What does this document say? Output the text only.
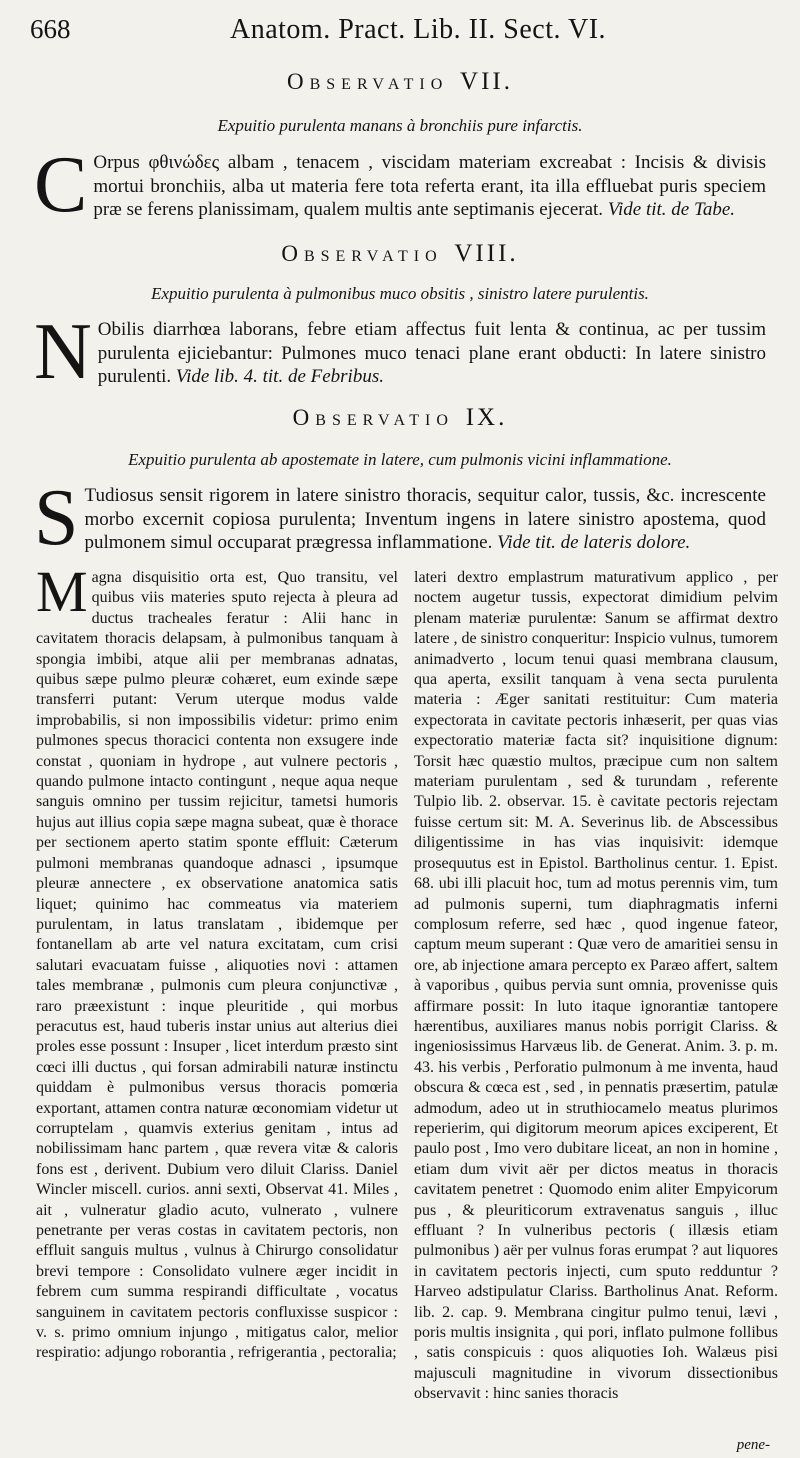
668	Anatom. Pract. Lib. II. Sect. VI.
Observatio VII.
Expuitio purulenta manans à bronchiis pure infarctis.
C Orpus φθινώδες albam , tenacem , viscidam materiam excreabat : Incisis & divisis mortui bronchiis, alba ut materia fere tota referta erant, ita illa effluebat puris speciem præ se ferens planissimam, qualem multis ante septimanis ejecerat. Vide tit. de Tabe.
Observatio VIII.
Expuitio purulenta à pulmonibus muco obsitis , sinistro latere purulentis.
N Obilis diarrhœa laborans, febre etiam affectus fuit lenta & continua, ac per tussim purulenta ejiciebantur: Pulmones muco tenaci plane erant obducti: In latere sinistro purulenti. Vide lib. 4. tit. de Febribus.
Observatio IX.
Expuitio purulenta ab apostemate in latere, cum pulmonis vicini inflammatione.
S Tudiosus sensit rigorem in latere sinistro thoracis, sequitur calor, tussis, &c. increscente morbo excernit copiosa purulenta; Inventum ingens in latere sinistro apostema, quod pulmonem simul occuparat prægressa inflammatione. Vide tit. de lateris dolore.
M agna disquisitio orta est, Quo transitu, vel quibus viis materies sputo rejecta à pleura ad ductus tracheales feratur : Alii hanc in cavitatem thoracis delapsam, à pulmonibus tanquam à spongia imbibi, atque alii per membranas adnatas, quibus sæpe pulmo pleuræ cohæret, eum exinde sæpe transferri putant: Verum uterque modus valde improbabilis, si non impossibilis videtur: primo enim pulmones specus thoracici contenta non exsugere inde constat , quoniam in hydrope , aut vulnere pectoris , quando pulmone intacto contingunt , neque aqua neque sanguis omnino per tussim rejicitur, tametsi humoris hujus aut illius copia sæpe magna subeat, quæ è thorace per sectionem aperto statim sponte effluit: Cæterum pulmoni membranas quandoque adnasci , ipsumque pleuræ annectere , ex observatione anatomica satis liquet; quinimo hac commeatus via materiem purulentam, in latus translatam , ibidemque per fontanellam ab arte vel natura excitatam, cum crisi salutari evacuatam fuisse , aliquoties novi : attamen tales membranæ , pulmonis cum pleura conjunctivæ , raro præexistunt : inque pleuritide , qui morbus peracutus est, haud tuberis instar unius aut alterius diei proles esse possunt : Insuper , licet interdum præsto sint cœci illi ductus , qui forsan admirabili naturæ instinctu quiddam è pulmonibus versus thoracis pomœria exportant, attamen contra naturæ œconomiam videtur ut corruptelam , quamvis exterius genitam , intus ad nobilissimam hanc partem , quæ revera vitæ & caloris fons est , derivent. Dubium vero diluit Clariss. Daniel Wincler miscell. curios. anni sexti, Observat 41. Miles , ait , vulneratur gladio acuto, vulnerato , vulnere penetrante per veras costas in cavitatem pectoris, non effluit sanguis multus , vulnus à Chirurgo consolidatur brevi tempore : Consolidato vulnere æger incidit in febrem cum summa respirandi difficultate , vocatus sanguinem in cavitatem pectoris confluxisse suspicor : v. s. primo omnium injungo , mitigatus calor, melior respiratio: adjungo roborantia , refrigerantia , pectoralia;
lateri dextro emplastrum maturativum applico , per noctem augetur tussis, expectorat dimidium pelvim plenam materiæ purulentæ: Sanum se affirmat dextro latere , de sinistro conqueritur: Inspicio vulnus, tumorem animadverto , locum tenui quasi membrana clausum, qua aperta, exsilit tanquam à vena secta purulenta materia : Æger sanitati restituitur: Cum materia expectorata in cavitate pectoris inhæserit, per quas vias expectoratio materiæ facta sit? inquisitione dignum: Torsit hæc quæstio multos, præcipue cum non saltem materiam purulentam , sed & turundam , referente Tulpio lib. 2. observar. 15. è cavitate pectoris rejectam fuisse certum sit: M. A. Severinus lib. de Abscessibus diligentissime in has vias inquisivit: idemque prosequutus est in Epistol. Bartholinus centur. 1. Epist. 68. ubi illi placuit hoc, tum ad motus perennis vim, tum ad pulmonis superni, tum diaphragmatis inferni complosum referre, sed hæc , quod ingenue fateor, captum meum superant : Quæ vero de amaritiei sensu in ore, ab injectione amara percepto ex Paræo affert, saltem à vaporibus , quibus pervia sunt omnia, provenisse quis affirmare possit: In luto itaque ignorantiæ tantopere hærentibus, auxiliares manus nobis porrigit Clariss. & ingeniosissimus Harvæus lib. de Generat. Anim. 3. p. m. 43. his verbis , Perforatio pulmonum à me inventa, haud obscura & cœca est , sed , in pennatis præsertim, patulæ admodum, adeo ut in struthiocamelo meatus plurimos reperierim, qui digitorum meorum apices exciperent, Et paulo post , Imo vero dubitare liceat, an non in homine , etiam dum vivit aër per dictos meatus in thoracis cavitatem penetret : Quomodo enim aliter Empyicorum pus , & pleuriticorum extravenatus sanguis , illuc effluant ? In vulneribus pectoris ( illæsis etiam pulmonibus ) aër per vulnus foras erumpat ? aut liquores in cavitatem pectoris injecti, cum sputo redduntur ? Harveo adstipulatur Clariss. Bartholinus Anat. Reform. lib. 2. cap. 9. Membrana cingitur pulmo tenui, lævi , poris multis insignita , qui pori, inflato pulmone follibus , satis conspicuis : quos aliquoties Ioh. Walæus pisi majusculi magnitudine in vivorum dissectionibus observavit : hinc sanies thoracis
pene-
